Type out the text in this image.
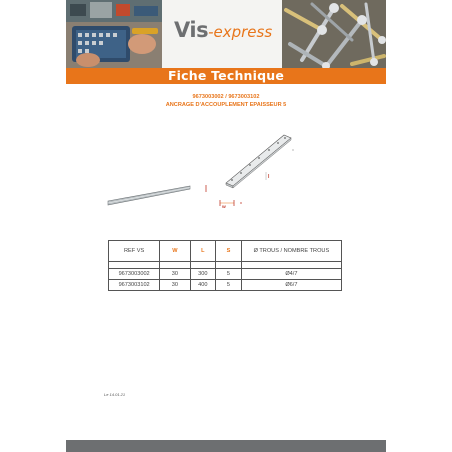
Vis-express
Fiche Technique
9673003002 / 9673003102
ANCRAGE D'ACCOUPLEMENT EPAISSEUR 5
W
l
REF VS	W	L	S	Ø TROUS / NOMBRE TROUS

9673003002	30	300	5	Ø4/7
9673003102	30	400	5	Ø6/7
Le 14.01.21
